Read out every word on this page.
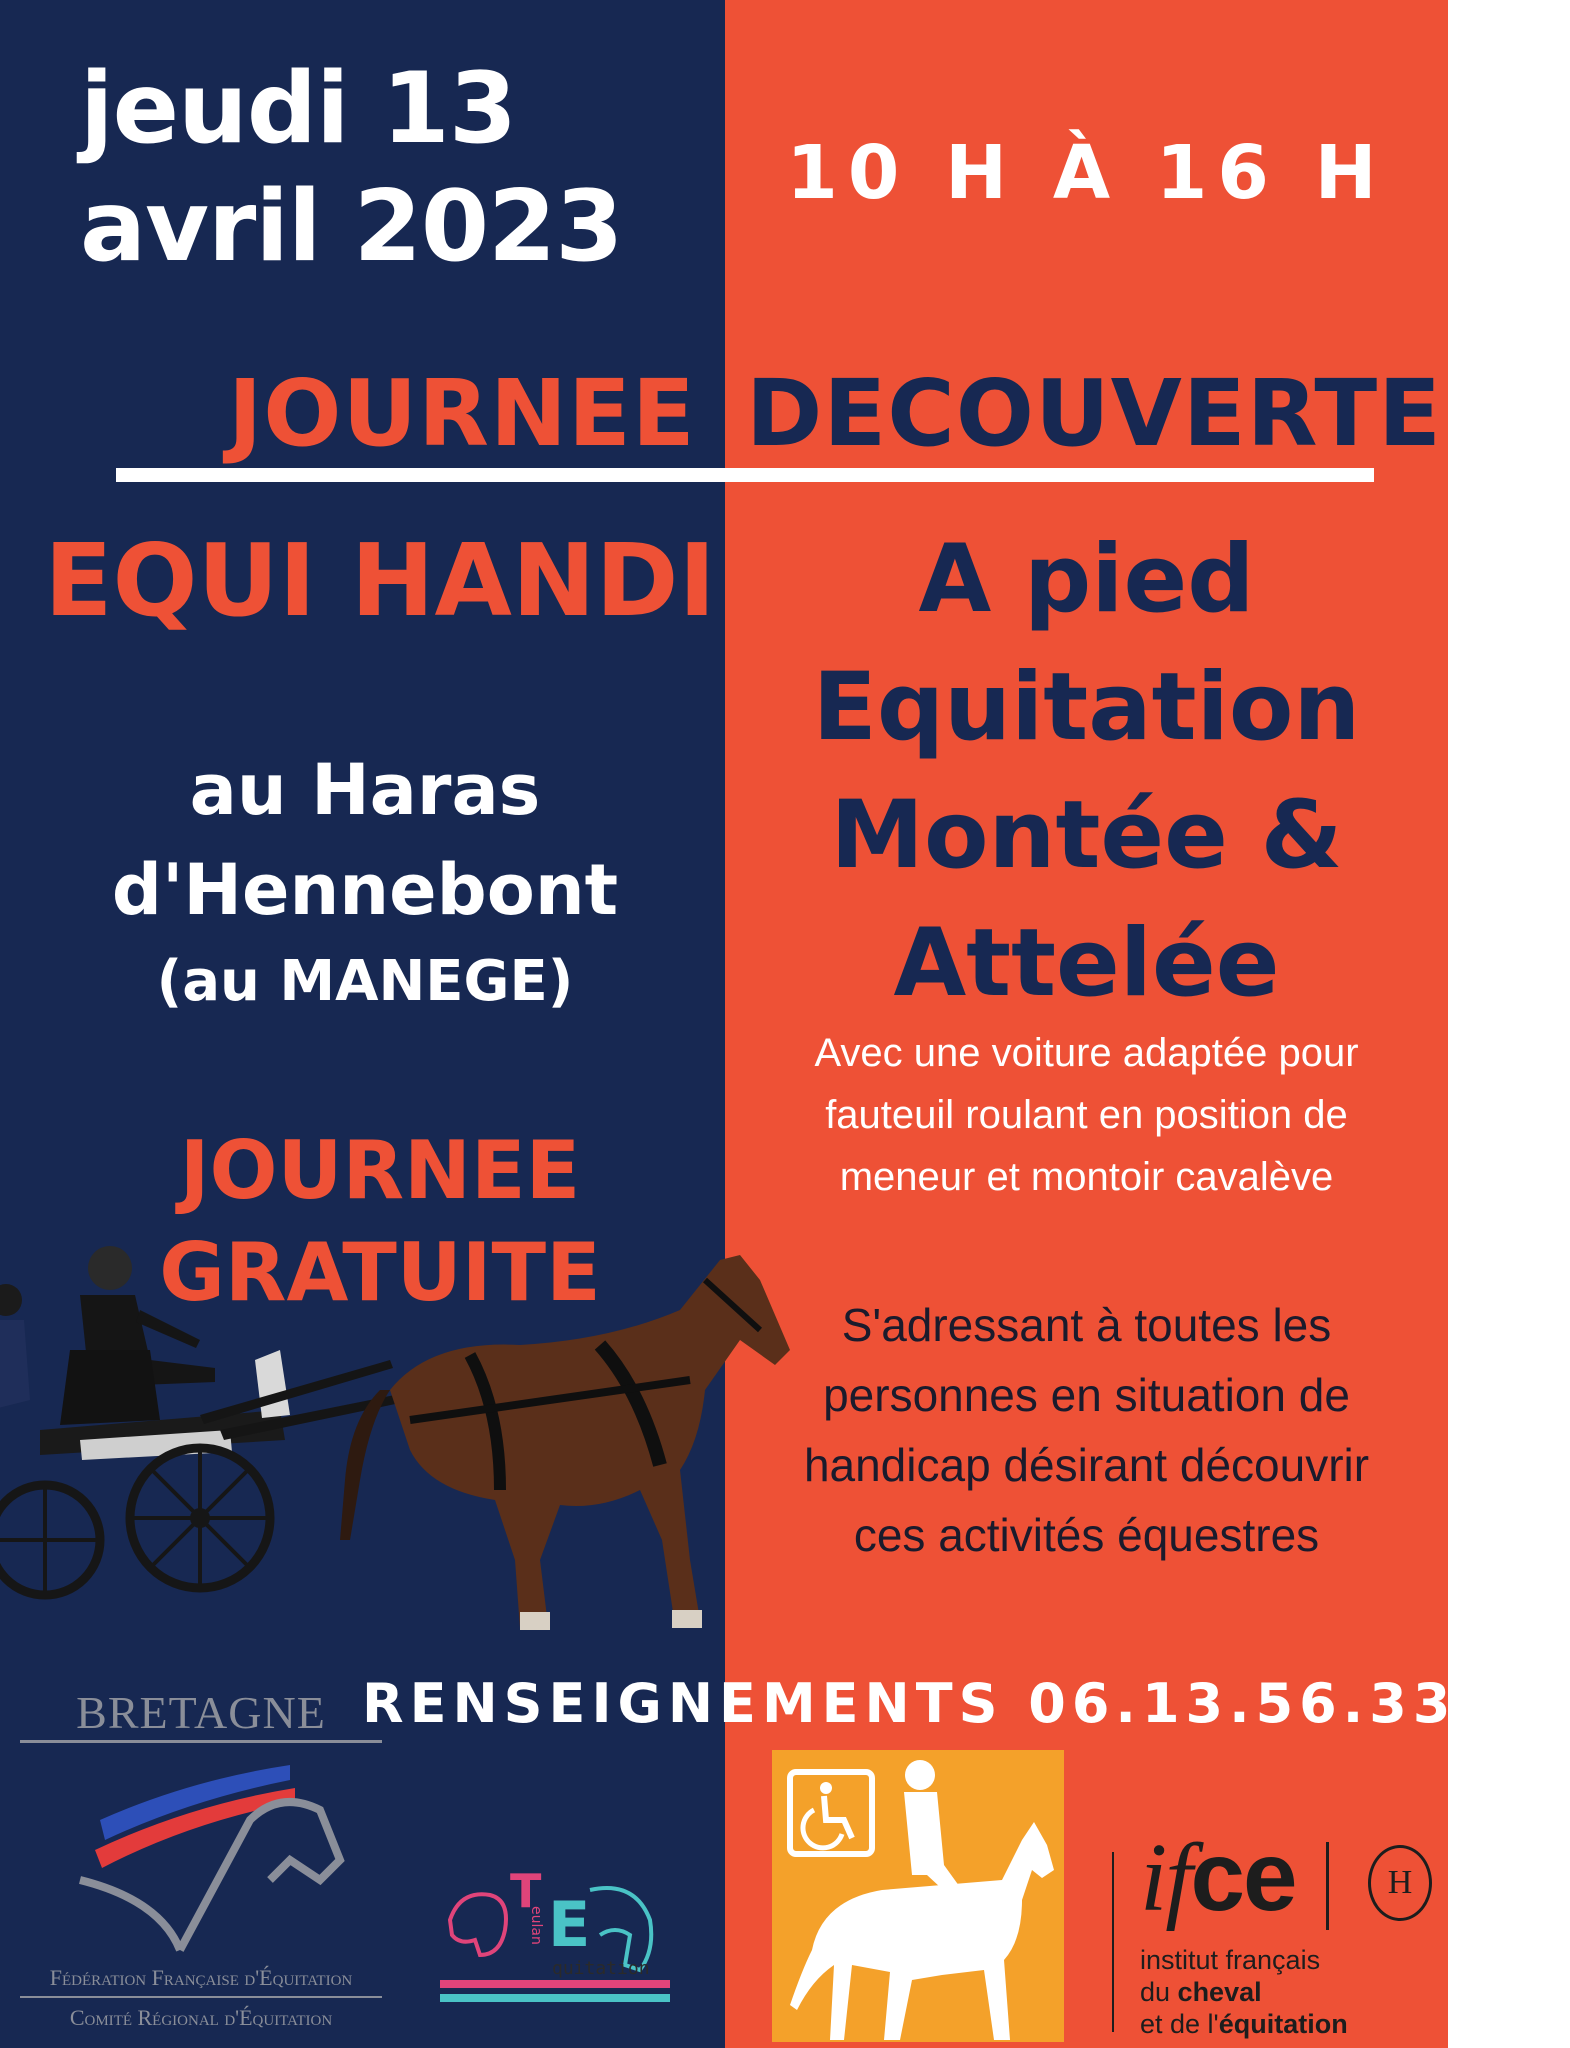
jeudi 13
avril 2023	10 H À 16 H
JOURNEE DECOUVERTE
EQUI HANDI
au Haras
d'Hennebont
(au MANEGE)
JOURNEE
GRATUITE
A pied
Equitation
Montée &
Attelée
Avec une voiture adaptée pour
fauteuil roulant en position de
meneur et montoir cavalève
S'adressant à toutes les
personnes en situation de
handicap désirant découvrir
ces activités équestres
RENSEIGNEMENTS 06.13.56.33.50
BRETAGNE
Fédération Française d'Équitation
Comité Régional d'Équitation
T
eulan E
quitation
ifce	H
institut français
du cheval
et de l'équitation
